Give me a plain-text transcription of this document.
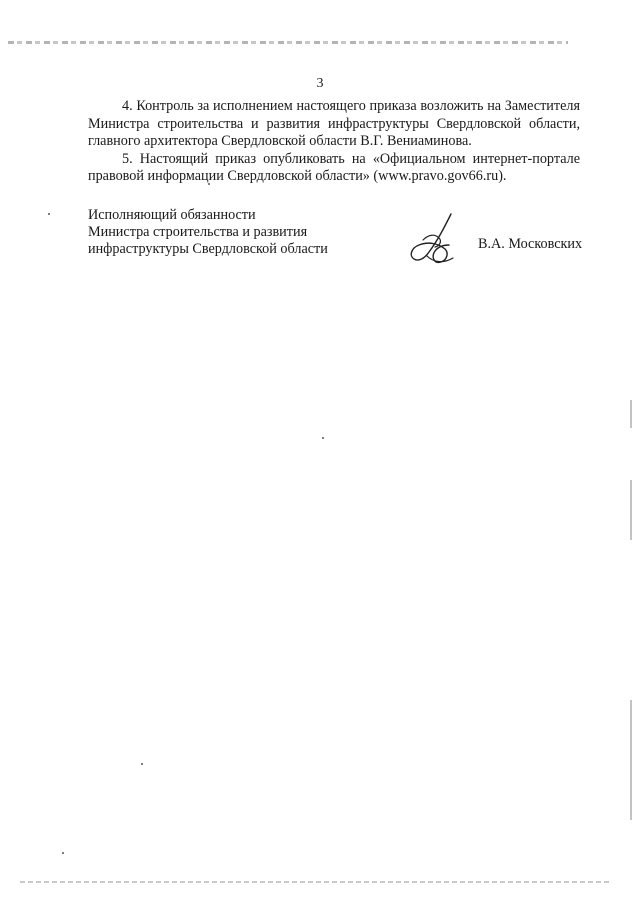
3

4. Контроль за исполнением настоящего приказа возложить на Заместителя Министра строительства и развития инфраструктуры Свердловской области, главного архитектора Свердловской области В.Г. Вениаминова.

5. Настоящий приказ опубликовать на «Официальном интернет-портале правовой информации Свердловской области» (www.pravo.gov66.ru).

Исполняющий обязанности
Министра строительства и развития
инфраструктуры Свердловской области	В.А. Московских
